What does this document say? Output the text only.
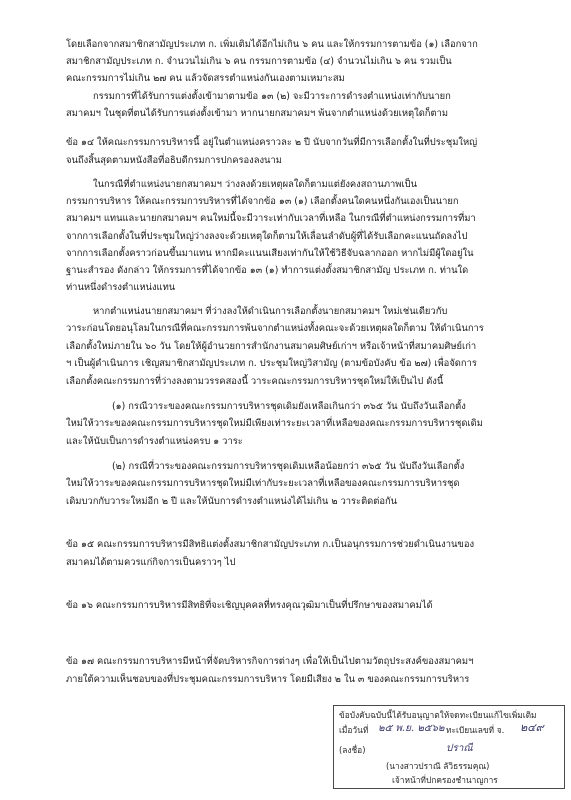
โดยเลือกจากสมาชิกสามัญประเภท ก. เพิ่มเติมได้อีกไม่เกิน ๖ คน และให้กรรมการตามข้อ (๑) เลือกจาก
สมาชิกสามัญประเภท ก. จำนวนไม่เกิน ๖ คน กรรมการตามข้อ (๔) จำนวนไม่เกิน ๖ คน รวมเป็น
คณะกรรมการไม่เกิน ๒๗ คน แล้วจัดสรรตำแหน่งกันเองตามเหมาะสม
กรรมการที่ได้รับการแต่งตั้งเข้ามาตามข้อ ๑๓ (๒) จะมีวาระการดำรงตำแหน่งเท่ากับนายก
สมาคมฯ ในชุดที่ตนได้รับการแต่งตั้งเข้ามา หากนายกสมาคมฯ พ้นจากตำแหน่งด้วยเหตุใดก็ตาม
ข้อ ๑๔ ให้คณะกรรมการบริหารนี้ อยู่ในตำแหน่งคราวละ ๒ ปี นับจากวันที่มีการเลือกตั้งในที่ประชุมใหญ่
จนถึงสิ้นสุดตามหนังสือที่อธิบดีกรมการปกครองลงนาม
ในกรณีที่ตำแหน่งนายกสมาคมฯ ว่างลงด้วยเหตุผลใดก็ตามแต่ยังคงสถานภาพเป็น
กรรมการบริหาร ให้คณะกรรมการบริหารที่ได้จากข้อ ๑๓ (๑) เลือกตั้งคนใดคนหนึ่งกันเองเป็นนายก
สมาคมฯ แทนและนายกสมาคมฯ คนใหม่นี้จะมีวาระเท่ากับเวลาที่เหลือ ในกรณีที่ตำแหน่งกรรมการที่มา
จากการเลือกตั้งในที่ประชุมใหญ่ว่างลงจะด้วยเหตุใดก็ตามให้เลื่อนลำดับผู้ที่ได้รับเลือกคะแนนถัดลงไป
จากการเลือกตั้งคราวก่อนขึ้นมาแทน หากมีคะแนนเสียงเท่ากันให้ใช้วิธีจับฉลากออก หากไม่มีผู้ใดอยู่ใน
ฐานะสำรอง ดังกล่าว ให้กรรมการที่ได้จากข้อ ๑๓ (๑) ทำการแต่งตั้งสมาชิกสามัญ ประเภท ก. ท่านใด
ท่านหนึ่งดำรงตำแหน่งแทน
หากตำแหน่งนายกสมาคมฯ ที่ว่างลงให้ดำเนินการเลือกตั้งนายกสมาคมฯ ใหม่เช่นเดียวกับ
วาระก่อนโดยอนุโลมในกรณีที่คณะกรรมการพ้นจากตำแหน่งทั้งคณะจะด้วยเหตุผลใดก็ตาม ให้ดำเนินการ
เลือกตั้งใหม่ภายใน ๖๐ วัน โดยให้ผู้อำนวยการสำนักงานสมาคมศิษย์เก่าฯ หรือเจ้าหน้าที่สมาคมศิษย์เก่า
ฯ เป็นผู้ดำเนินการ เชิญสมาชิกสามัญประเภท ก. ประชุมใหญ่วิสามัญ (ตามข้อบังคับ ข้อ ๒๗) เพื่อจัดการ
เลือกตั้งคณะกรรมการที่ว่างลงตามวรรคสองนี้ วาระคณะกรรมการบริหารชุดใหม่ให้เป็นไป ดังนี้
(๑) กรณีวาระของคณะกรรมการบริหารชุดเดิมยังเหลือเกินกว่า ๓๖๕ วัน นับถึงวันเลือกตั้ง
ใหม่ให้วาระของคณะกรรมการบริหารชุดใหม่มีเพียงเท่าระยะเวลาที่เหลือของคณะกรรมการบริหารชุดเดิม
และให้นับเป็นการดำรงตำแหน่งครบ ๑ วาระ
(๒) กรณีที่วาระของคณะกรรมการบริหารชุดเดิมเหลือน้อยกว่า ๓๖๕ วัน นับถึงวันเลือกตั้ง
ใหม่ให้วาระของคณะกรรมการบริหารชุดใหม่มีเท่ากับระยะเวลาที่เหลือของคณะกรรมการบริหารชุด
เดิมบวกกับวาระใหม่อีก ๒ ปี และให้นับการดำรงตำแหน่งได้ไม่เกิน ๒ วาระติดต่อกัน
ข้อ ๑๕ คณะกรรมการบริหารมีสิทธิแต่งตั้งสมาชิกสามัญประเภท ก.เป็นอนุกรรมการช่วยดำเนินงานของ
สมาคมได้ตามควรแก่กิจการเป็นคราวๆ ไป
ข้อ ๑๖ คณะกรรมการบริหารมีสิทธิที่จะเชิญบุคคลที่ทรงคุณวุฒิมาเป็นที่ปรึกษาของสมาคมได้
ข้อ ๑๗ คณะกรรมการบริหารมีหน้าที่จัดบริหารกิจการต่างๆ เพื่อให้เป็นไปตามวัตถุประสงค์ของสมาคมฯ
ภายใต้ความเห็นชอบของที่ประชุมคณะกรรมการบริหาร โดยมีเสียง ๒ ใน ๓ ของคณะกรรมการบริหาร
ข้อบังคับฉบับนี้ได้รับอนุญาตให้จดทะเบียนแก้ไขเพิ่มเติม
เมื่อวันที่ ๒๕ พ.ย. ๒๕๖๒ ทะเบียนเลขที่ จ. ๒๔๙
(ลงชื่อ)	ปราณี
(นางสาวปราณี ลัวิธรรมคุณ)
เจ้าหน้าที่ปกครองชำนาญการ
